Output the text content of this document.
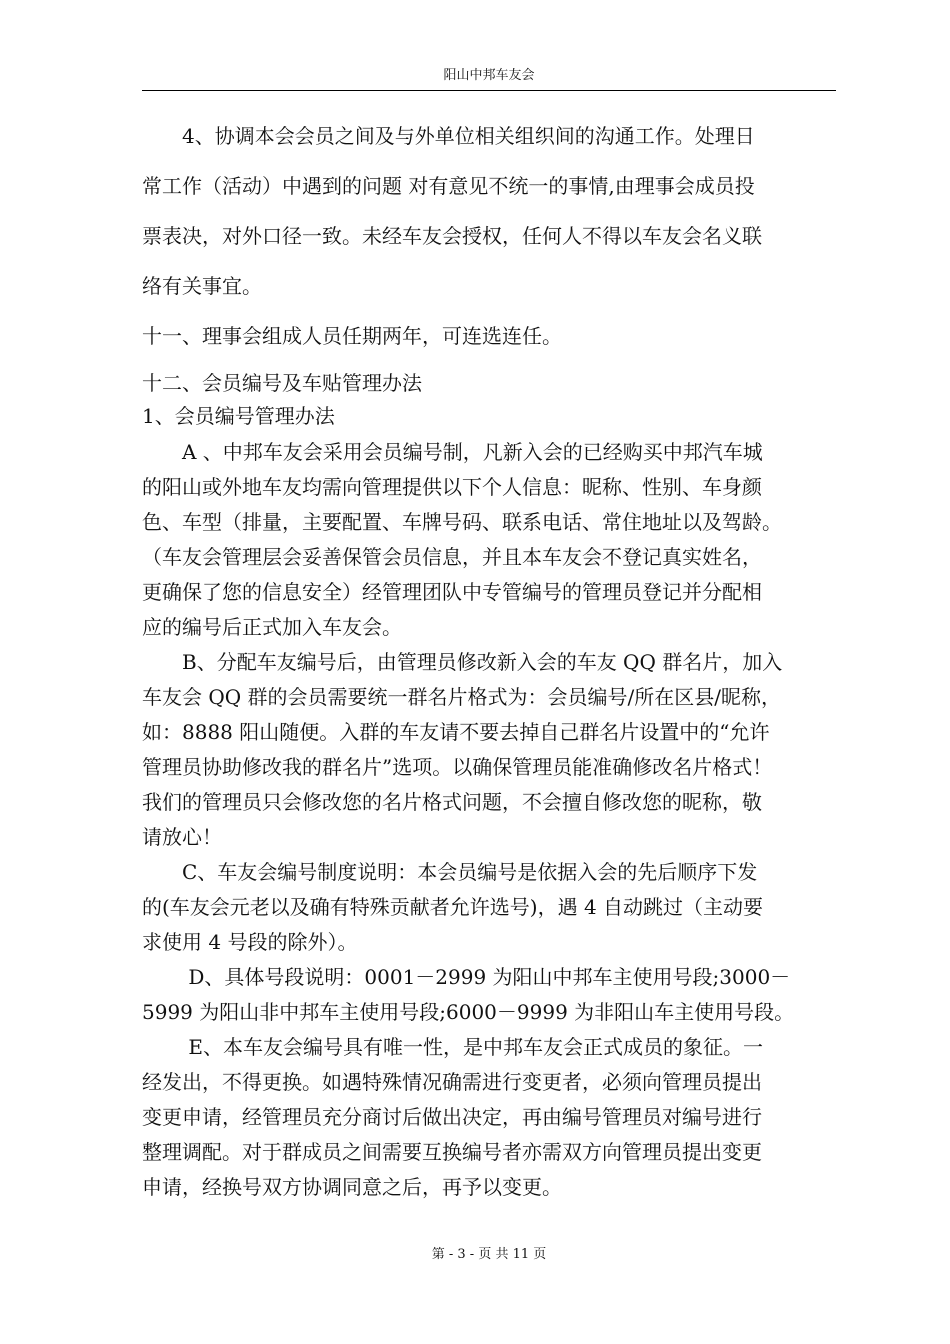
阳山中邦车友会
　　4、协调本会会员之间及与外单位相关组织间的沟通工作。处理日
常工作（活动）中遇到的问题 对有意见不统一的事情,由理事会成员投
票表决，对外口径一致。未经车友会授权，任何人不得以车友会名义联
络有关事宜。
十一、理事会组成人员任期两年，可连选连任。
十二、会员编号及车贴管理办法
1、会员编号管理办法
　　A 、中邦车友会采用会员编号制，凡新入会的已经购买中邦汽车城
的阳山或外地车友均需向管理提供以下个人信息：昵称、性别、车身颜
色、车型（排量，主要配置、车牌号码、联系电话、常住地址以及驾龄。
（车友会管理层会妥善保管会员信息，并且本车友会不登记真实姓名，
更确保了您的信息安全）经管理团队中专管编号的管理员登记并分配相
应的编号后正式加入车友会。
　　B、分配车友编号后，由管理员修改新入会的车友 QQ 群名片，加入
车友会 QQ 群的会员需要统一群名片格式为：会员编号/所在区县/昵称，
如：8888 阳山随便。入群的车友请不要去掉自己群名片设置中的“允许
管理员协助修改我的群名片”选项。以确保管理员能准确修改名片格式！
我们的管理员只会修改您的名片格式问题，不会擅自修改您的昵称，敬
请放心！
　　C、车友会编号制度说明：本会员编号是依据入会的先后顺序下发
的(车友会元老以及确有特殊贡献者允许选号)，遇 4 自动跳过（主动要
求使用 4 号段的除外）。
　　 D、具体号段说明：0001－2999 为阳山中邦车主使用号段;3000－
5999 为阳山非中邦车主使用号段;6000－9999 为非阳山车主使用号段。
　　 E、本车友会编号具有唯一性，是中邦车友会正式成员的象征。一
经发出，不得更换。如遇特殊情况确需进行变更者，必须向管理员提出
变更申请，经管理员充分商讨后做出决定，再由编号管理员对编号进行
整理调配。对于群成员之间需要互换编号者亦需双方向管理员提出变更
申请，经换号双方协调同意之后，再予以变更。
第 - 3 - 页 共 11 页
